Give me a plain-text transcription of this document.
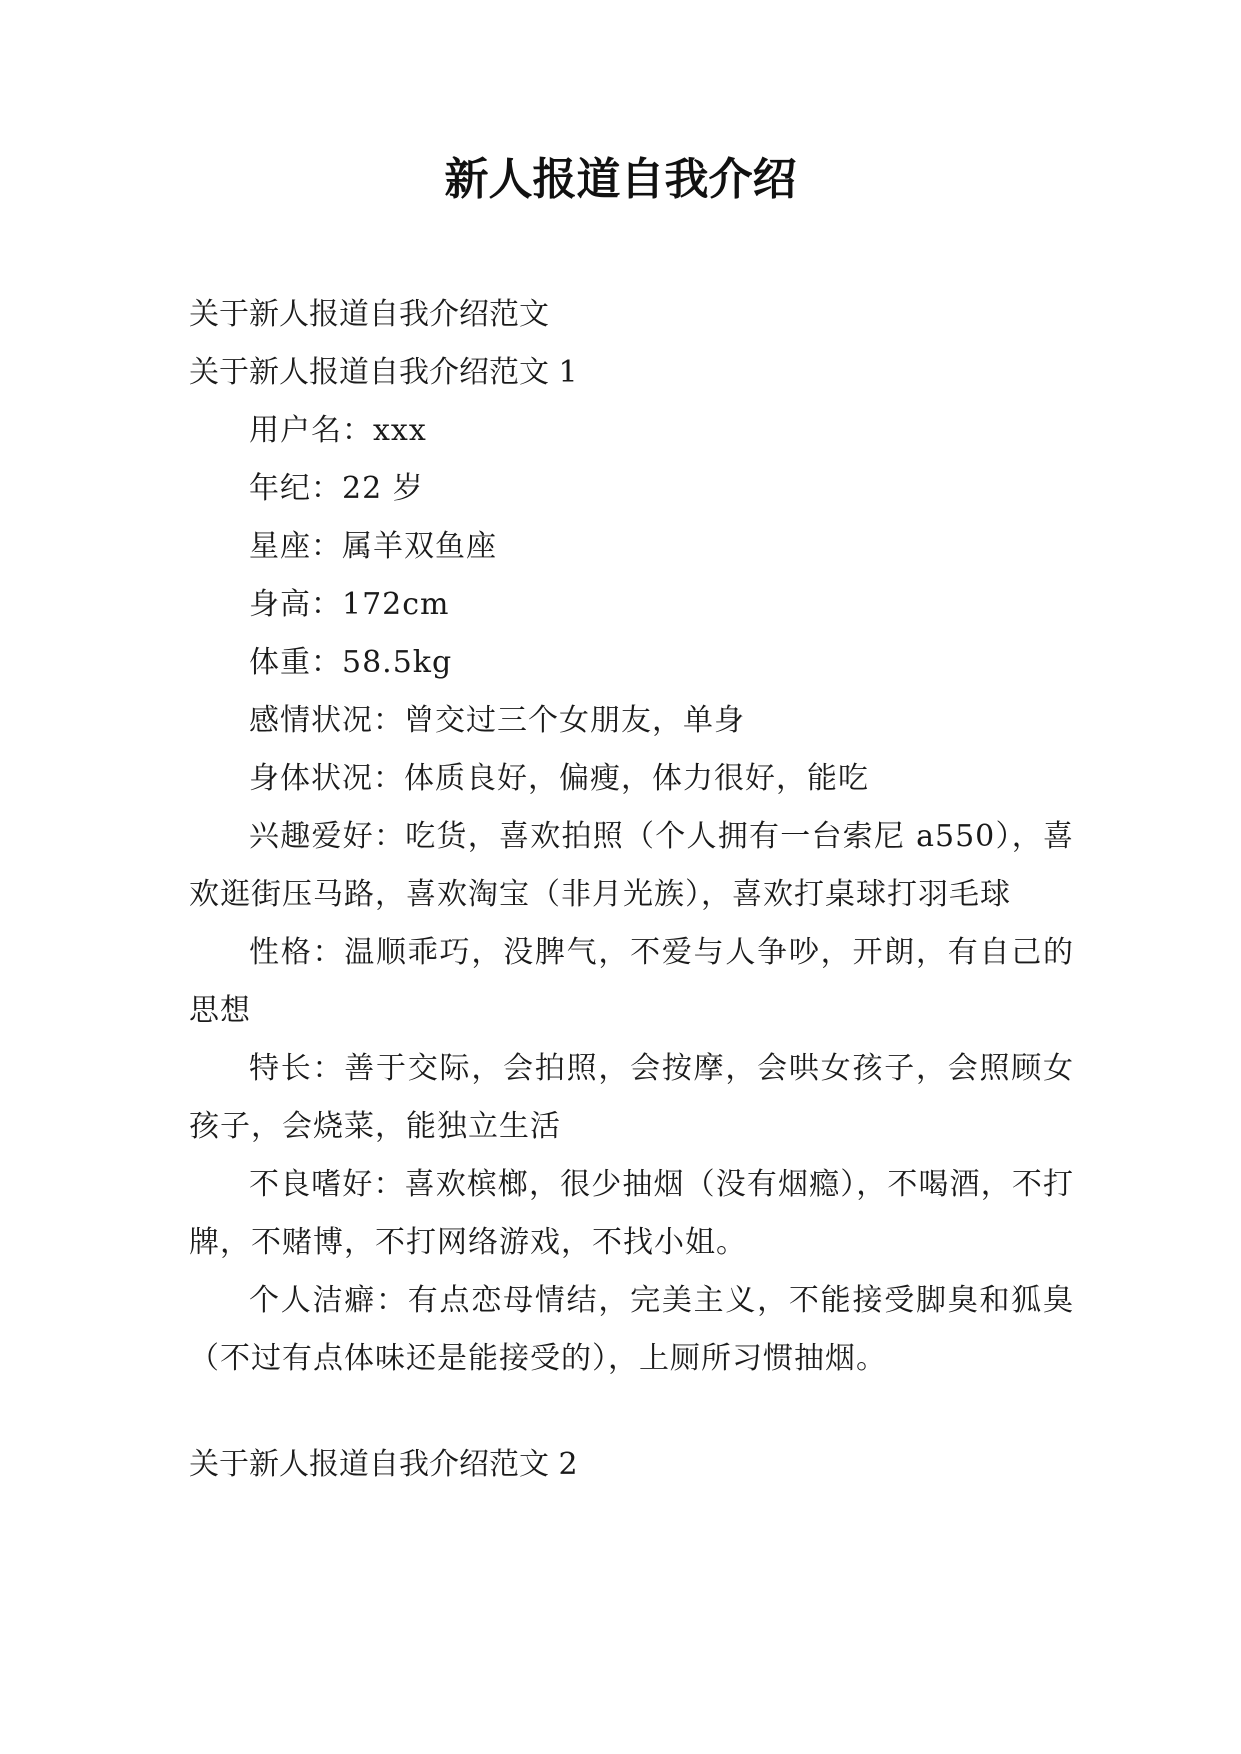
新人报道自我介绍

关于新人报道自我介绍范文

关于新人报道自我介绍范文 1

用户名：xxx

年纪：22 岁

星座：属羊双鱼座

身高：172cm

体重：58.5kg

感情状况：曾交过三个女朋友，单身

身体状况：体质良好，偏瘦，体力很好，能吃

兴趣爱好：吃货，喜欢拍照（个人拥有一台索尼 a550），喜欢逛街压马路，喜欢淘宝（非月光族），喜欢打桌球打羽毛球

性格：温顺乖巧，没脾气，不爱与人争吵，开朗，有自己的思想

特长：善于交际，会拍照，会按摩，会哄女孩子，会照顾女孩子，会烧菜，能独立生活

不良嗜好：喜欢槟榔，很少抽烟（没有烟瘾），不喝酒，不打牌，不赌博，不打网络游戏，不找小姐。

个人洁癖：有点恋母情结，完美主义，不能接受脚臭和狐臭（不过有点体味还是能接受的），上厕所习惯抽烟。

关于新人报道自我介绍范文 2
